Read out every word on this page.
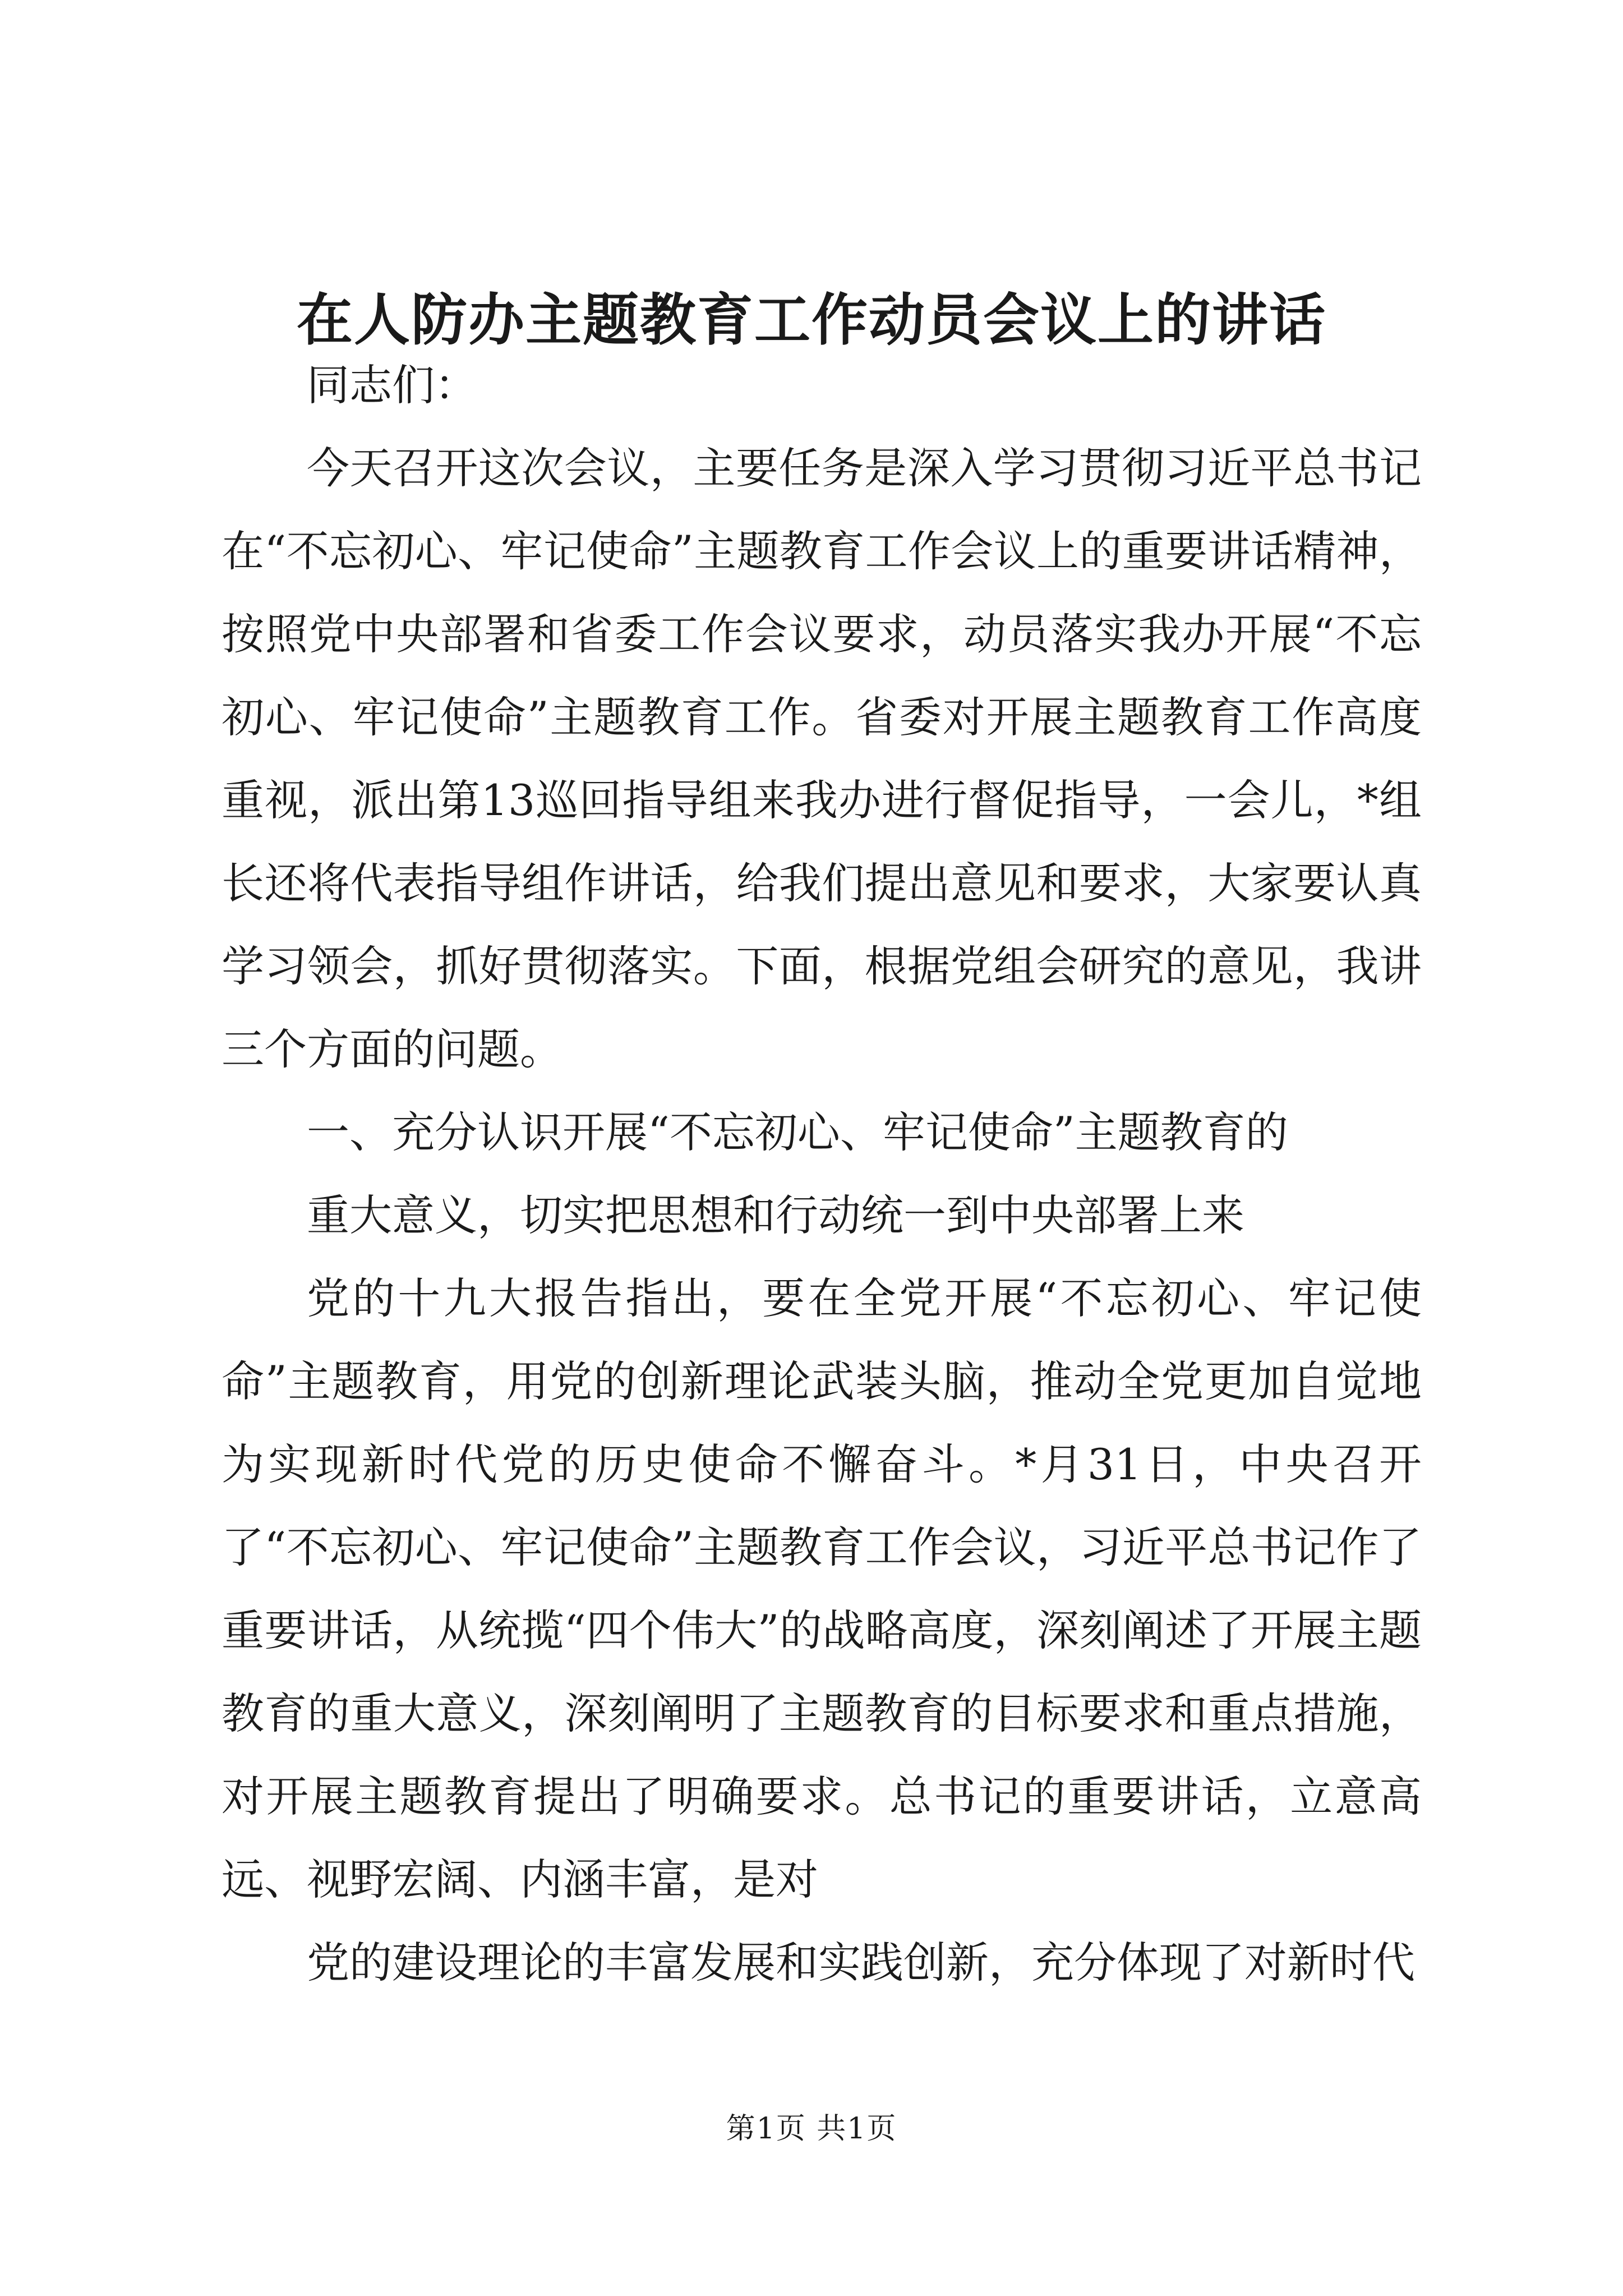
在人防办主题教育工作动员会议上的讲话

同志们：

今天召开这次会议，主要任务是深入学习贯彻习近平总书记在“不忘初心、牢记使命”主题教育工作会议上的重要讲话精神，按照党中央部署和省委工作会议要求，动员落实我办开展“不忘初心、牢记使命”主题教育工作。省委对开展主题教育工作高度重视，派出第13巡回指导组来我办进行督促指导，一会儿，*组长还将代表指导组作讲话，给我们提出意见和要求，大家要认真学习领会，抓好贯彻落实。下面，根据党组会研究的意见，我讲三个方面的问题。

一、充分认识开展“不忘初心、牢记使命”主题教育的

重大意义，切实把思想和行动统一到中央部署上来

党的十九大报告指出，要在全党开展“不忘初心、牢记使命”主题教育，用党的创新理论武装头脑，推动全党更加自觉地为实现新时代党的历史使命不懈奋斗。*月31日，中央召开了“不忘初心、牢记使命”主题教育工作会议，习近平总书记作了重要讲话，从统揽“四个伟大”的战略高度，深刻阐述了开展主题教育的重大意义，深刻阐明了主题教育的目标要求和重点措施，对开展主题教育提出了明确要求。总书记的重要讲话，立意高远、视野宏阔、内涵丰富，是对

党的建设理论的丰富发展和实践创新，充分体现了对新时代

第1页 共1页
